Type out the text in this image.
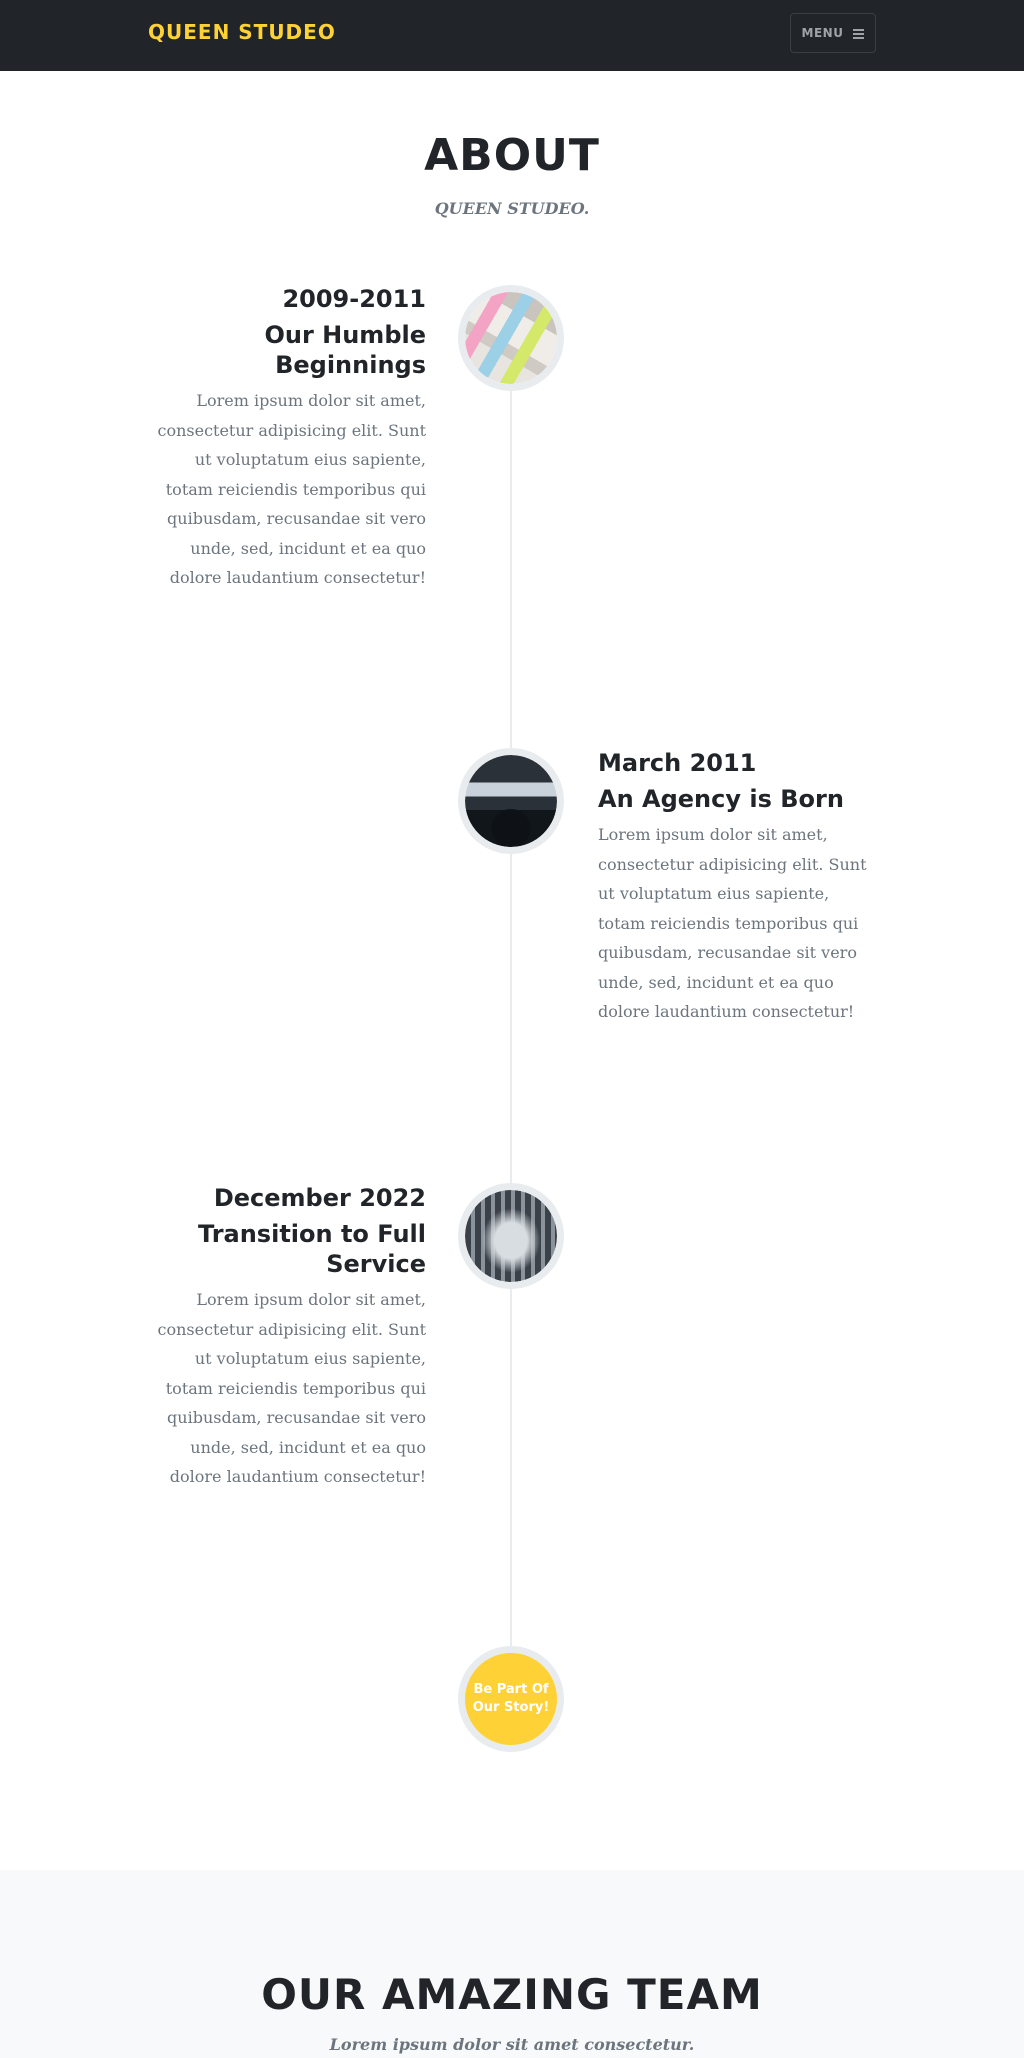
QUEEN STUDEO	MENU
ABOUT
QUEEN STUDEO.
2009-2011
Our Humble Beginnings

Lorem ipsum dolor sit amet, consectetur adipisicing elit. Sunt ut voluptatum eius sapiente, totam reiciendis temporibus qui quibusdam, recusandae sit vero unde, sed, incidunt et ea quo dolore laudantium consectetur!

March 2011
An Agency is Born

Lorem ipsum dolor sit amet, consectetur adipisicing elit. Sunt ut voluptatum eius sapiente, totam reiciendis temporibus qui quibusdam, recusandae sit vero unde, sed, incidunt et ea quo dolore laudantium consectetur!

December 2022
Transition to Full Service

Lorem ipsum dolor sit amet, consectetur adipisicing elit. Sunt ut voluptatum eius sapiente, totam reiciendis temporibus qui quibusdam, recusandae sit vero unde, sed, incidunt et ea quo dolore laudantium consectetur!

Be Part Of Our Story!
OUR AMAZING TEAM
Lorem ipsum dolor sit amet consectetur.
